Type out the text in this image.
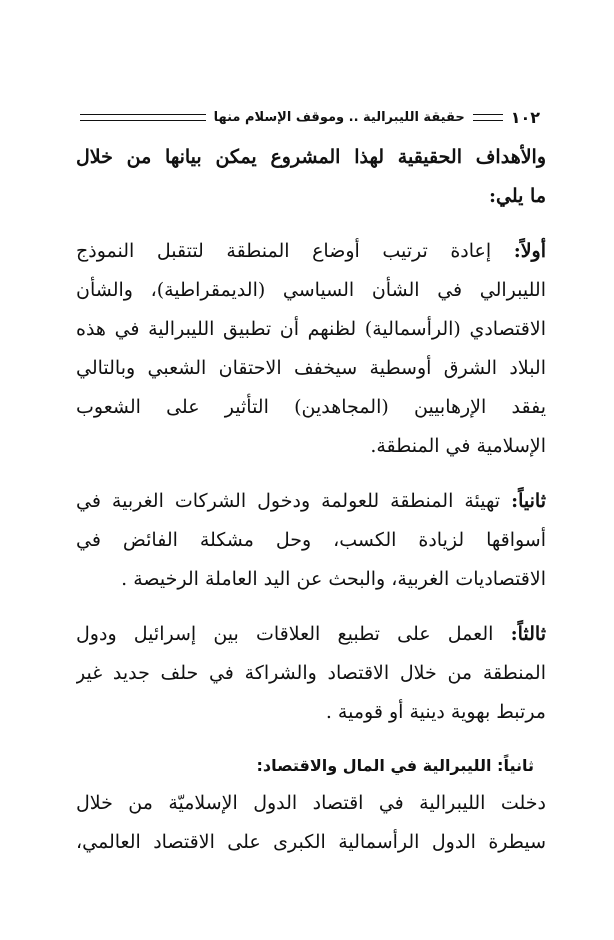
١٠٢
حقيقة الليبرالية .. وموقف الإسلام منها
والأهداف الحقيقية لهذا المشروع يمكن بيانها من خلال
ما يلي:
أولاً: إعادة ترتيب أوضاع المنطقة لتتقبل النموذج
الليبرالي في الشأن السياسي (الديمقراطية)، والشأن
الاقتصادي (الرأسمالية) لظنهم أن تطبيق الليبرالية في هذه
البلاد الشرق أوسطية سيخفف الاحتقان الشعبي وبالتالي
يفقد الإرهابيين (المجاهدين) التأثير على الشعوب
الإسلامية في المنطقة.
ثانياً: تهيئة المنطقة للعولمة ودخول الشركات الغربية في
أسواقها لزيادة الكسب، وحل مشكلة الفائض في
الاقتصاديات الغربية، والبحث عن اليد العاملة الرخيصة .
ثالثاً: العمل على تطبيع العلاقات بين إسرائيل ودول
المنطقة من خلال الاقتصاد والشراكة في حلف جديد غير
مرتبط بهوية دينية أو قومية .
ثانياً: الليبرالية في المال والاقتصاد:
دخلت الليبرالية في اقتصاد الدول الإسلاميّة من خلال
سيطرة الدول الرأسمالية الكبرى على الاقتصاد العالمي،
